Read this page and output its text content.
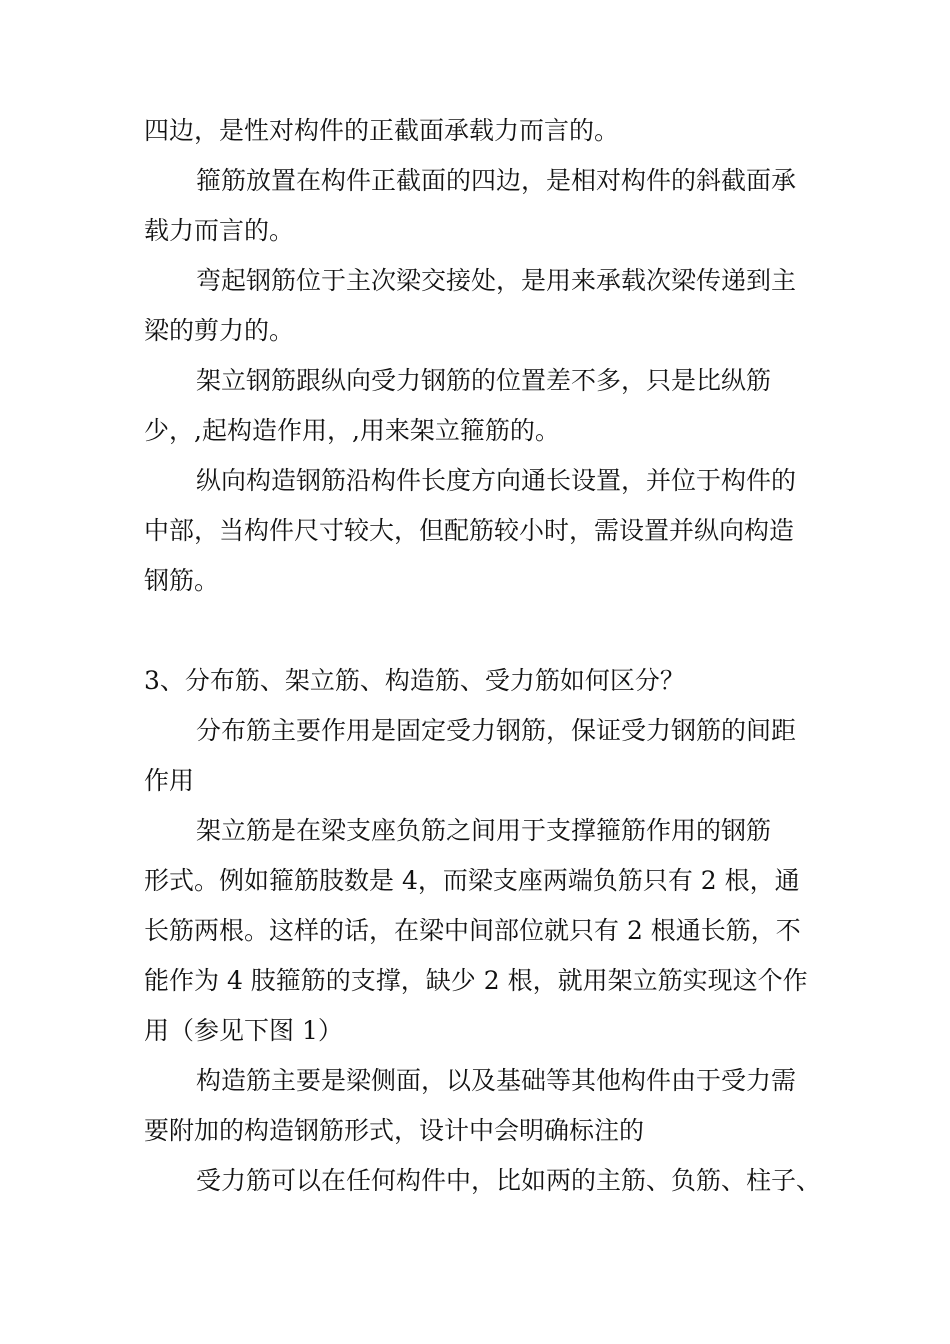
四边，是性对构件的正截面承载力而言的。

箍筋放置在构件正截面的四边，是相对构件的斜截面承

载力而言的。

弯起钢筋位于主次梁交接处，是用来承载次梁传递到主

梁的剪力的。

架立钢筋跟纵向受力钢筋的位置差不多，只是比纵筋

少，,起构造作用，,用来架立箍筋的。

纵向构造钢筋沿构件长度方向通长设置，并位于构件的

中部，当构件尺寸较大，但配筋较小时，需设置并纵向构造

钢筋。

3、分布筋、架立筋、构造筋、受力筋如何区分？

分布筋主要作用是固定受力钢筋，保证受力钢筋的间距

作用

架立筋是在梁支座负筋之间用于支撑箍筋作用的钢筋

形式。例如箍筋肢数是 4，而梁支座两端负筋只有 2 根，通

长筋两根。这样的话，在梁中间部位就只有 2 根通长筋，不

能作为 4 肢箍筋的支撑，缺少 2 根，就用架立筋实现这个作

用（参见下图 1）

构造筋主要是梁侧面，以及基础等其他构件由于受力需

要附加的构造钢筋形式，设计中会明确标注的

受力筋可以在任何构件中，比如两的主筋、负筋、柱子、
